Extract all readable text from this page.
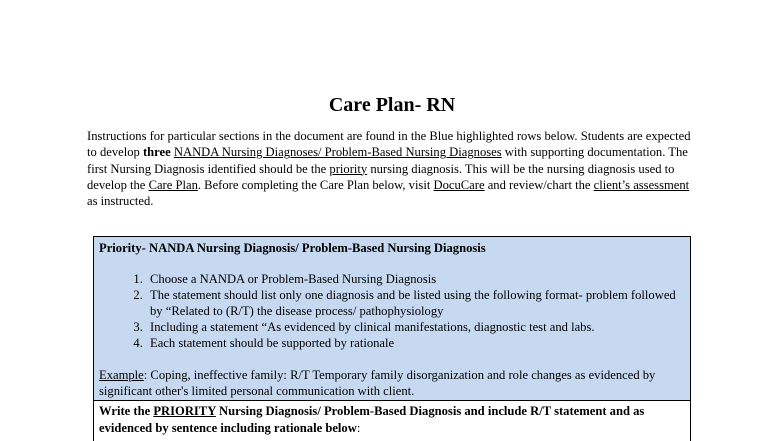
Care Plan- RN
Instructions for particular sections in the document are found in the Blue highlighted rows below. Students are expected to develop three NANDA Nursing Diagnoses/ Problem-Based Nursing Diagnoses with supporting documentation. The first Nursing Diagnosis identified should be the priority nursing diagnosis. This will be the nursing diagnosis used to develop the Care Plan. Before completing the Care Plan below, visit DocuCare and review/chart the client’s assessment as instructed.
Priority- NANDA Nursing Diagnosis/ Problem-Based Nursing Diagnosis
1. Choose a NANDA or Problem-Based Nursing Diagnosis
2. The statement should list only one diagnosis and be listed using the following format- problem followed by “Related to (R/T) the disease process/ pathophysiology
3. Including a statement “As evidenced by clinical manifestations, diagnostic test and labs.
4. Each statement should be supported by rationale
Example: Coping, ineffective family: R/T Temporary family disorganization and role changes as evidenced by significant other's limited personal communication with client.
Write the PRIORITY Nursing Diagnosis/ Problem-Based Diagnosis and include R/T statement and as evidenced by sentence including rationale below:
